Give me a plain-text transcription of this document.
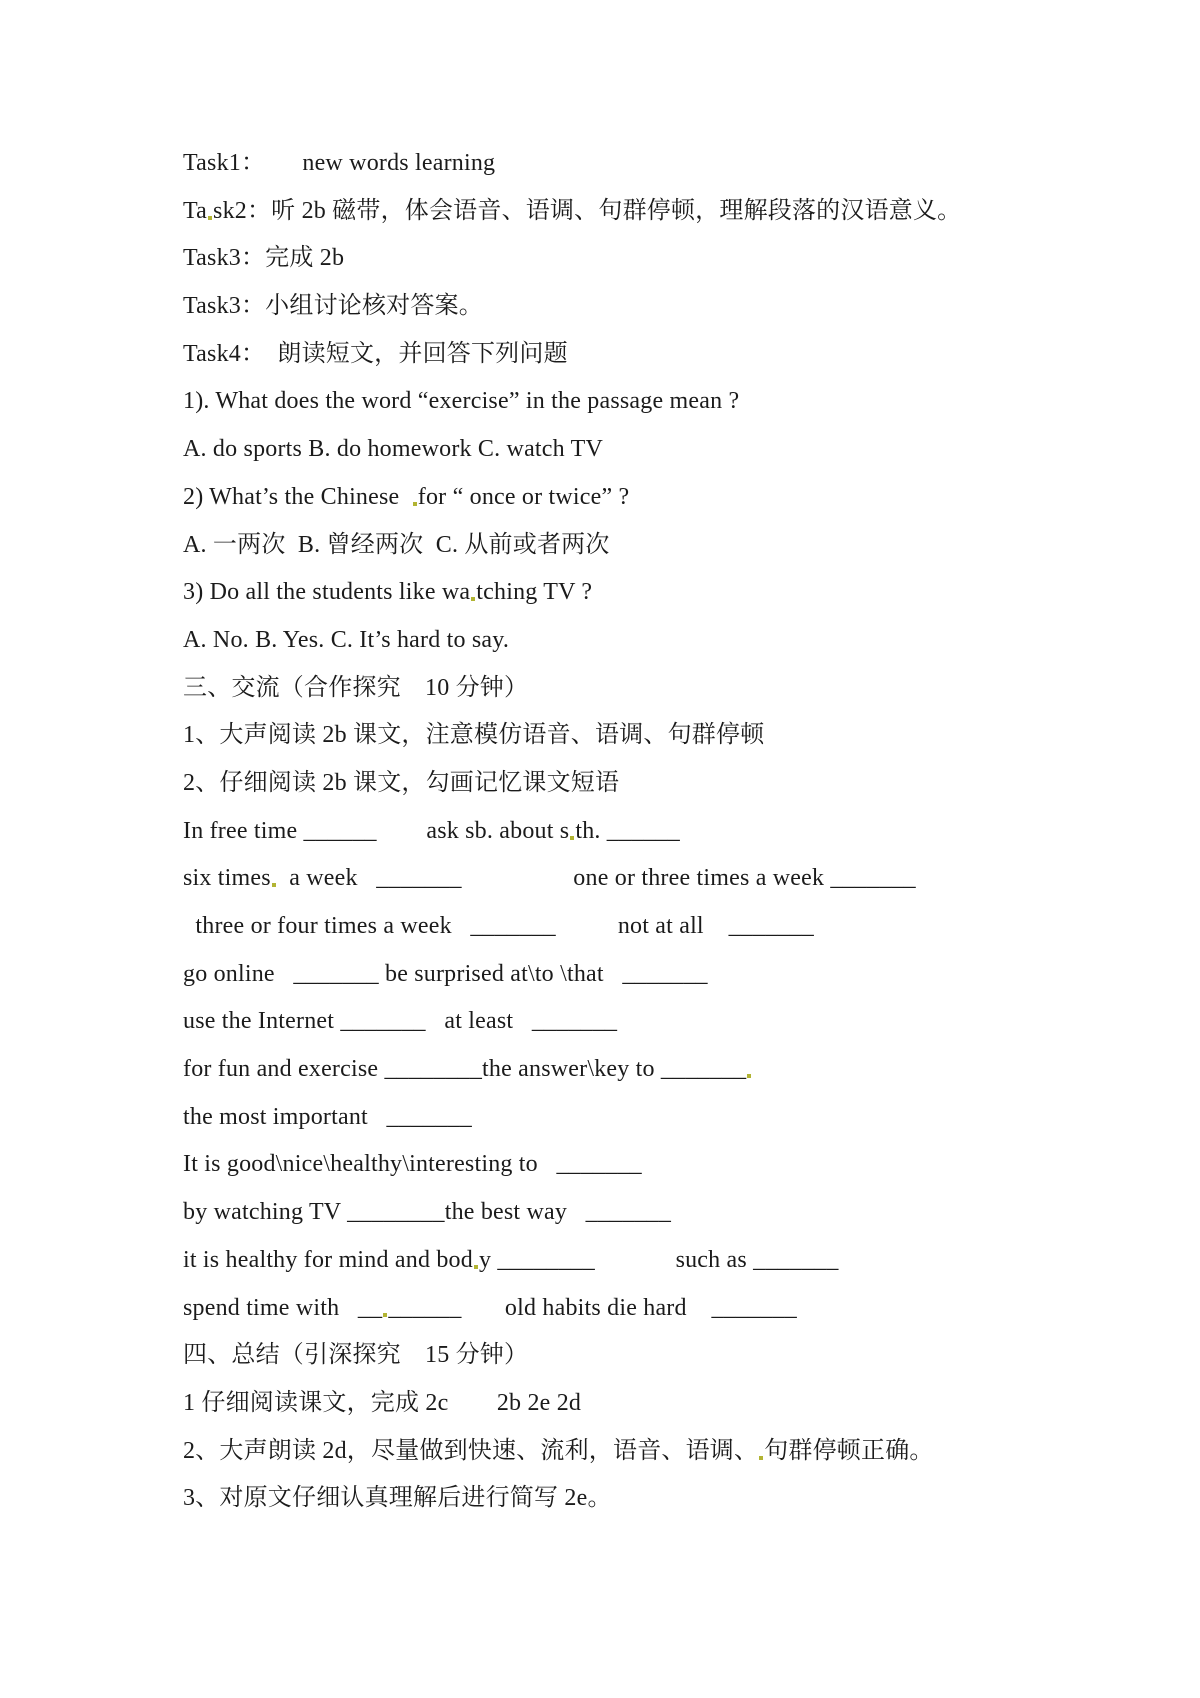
Task1：      new words learning
Ta sk2：听 2b 磁带，体会语音、语调、句群停顿，理解段落的汉语意义。
Task3：完成 2b
Task3：小组讨论核对答案。
Task4：　朗读短文，并回答下列问题
1). What does the word “exercise” in the passage mean ?
A. do sports B. do homework C. watch TV
2) What’s the Chinese  for “ once or twice” ?
A. 一两次  B. 曾经两次  C. 从前或者两次
3) Do all the students like wa tching TV ?
A. No. B. Yes. C. It’s hard to say.
三、交流（合作探究　10 分钟）
1、大声阅读 2b 课文，注意模仿语音、语调、句群停顿
2、仔细阅读 2b 课文，勾画记忆课文短语
In free time ______        ask sb. about s th. ______
six times  a week   _______                  one or three times a week _______
three or four times a week   _______          not at all    _______
go online   _______ be surprised at\to \that   _______
use the Internet _______   at least   _______
for fun and exercise ________the answer\key to _______
the most important   _______
It is good\nice\healthy\interesting to   _______
by watching TV ________the best way   _______
it is healthy for mind and bod y ________             such as _______
spend time with   __ ______       old habits die hard    _______
四、总结（引深探究　15 分钟）
1 仔细阅读课文，完成 2c　　2b 2e 2d
2、大声朗读 2d，尽量做到快速、流利，语音、语调、 句群停顿正确。
3、对原文仔细认真理解后进行简写 2e。
